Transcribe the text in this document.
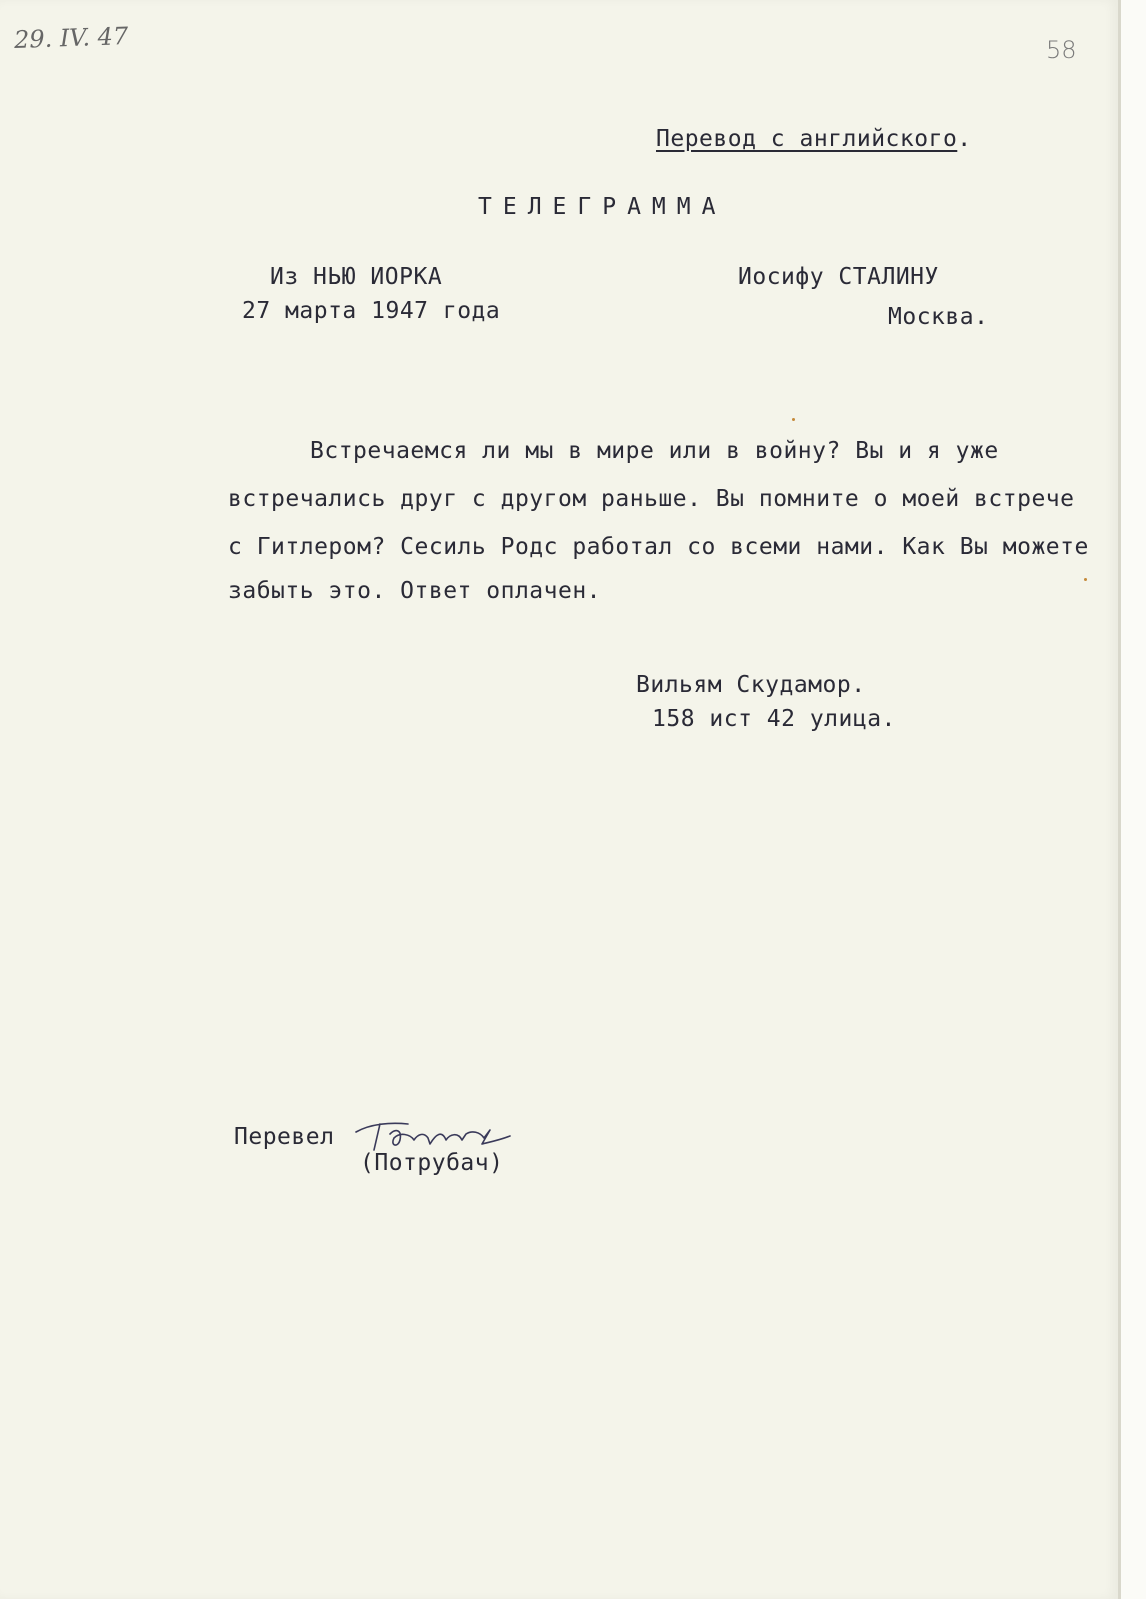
29. IV. 47	58
Перевод с английского.
ТЕЛЕГРАММА
Из НЬЮ ИОРКА
27 марта 1947 года
Иосифу СТАЛИНУ
Москва.
Встречаемся ли мы в мире или в войну? Вы и я уже
встречались друг с другом раньше. Вы помните о моей встрече
с Гитлером? Сесиль Родс работал со всеми нами. Как Вы можете
забыть это. Ответ оплачен.
Вильям Скудамор.
158 ист 42 улица.
Перевел
(Потрубач)
